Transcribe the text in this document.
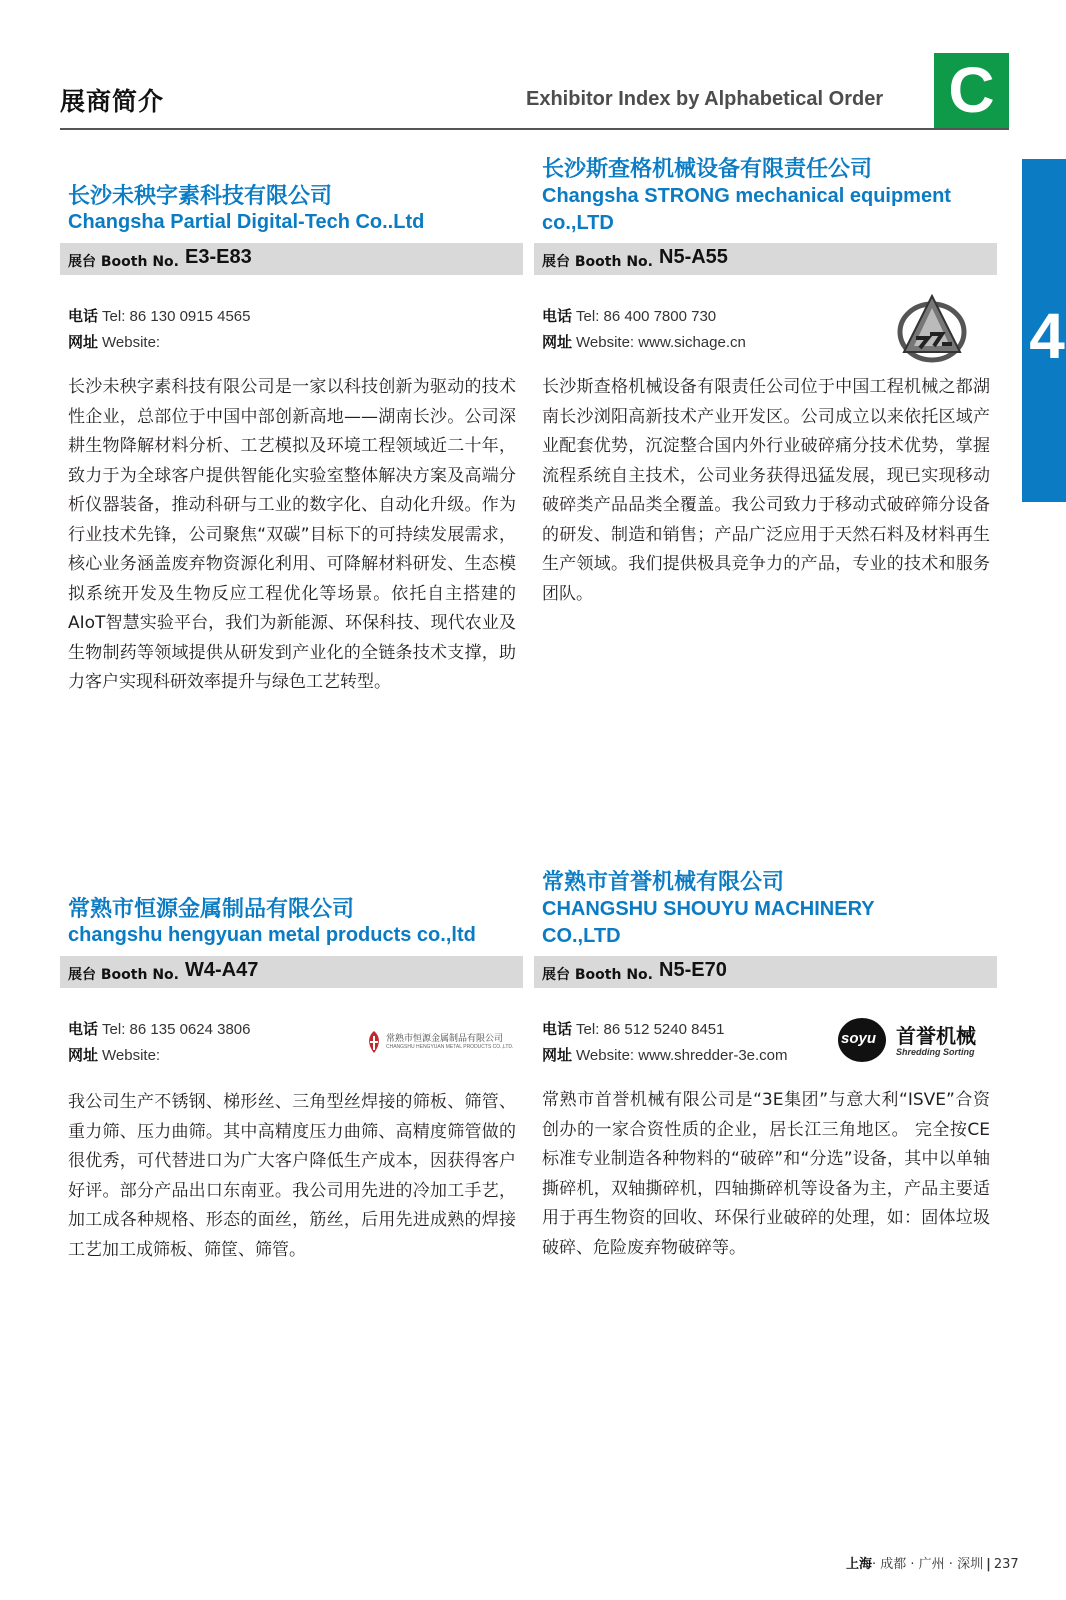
展商简介	Exhibitor Index by Alphabetical Order C
4
长沙未秧字素科技有限公司
Changsha Partial Digital-Tech Co..Ltd
展台 Booth No. E3-E83
电话 Tel: 86 130 0915 4565
网址 Website:
长沙未秧字素科技有限公司是一家以科技创新为驱动的技术性企业，总部位于中国中部创新高地——湖南长沙。公司深耕生物降解材料分析、工艺模拟及环境工程领域近二十年，致力于为全球客户提供智能化实验室整体解决方案及高端分析仪器装备，推动科研与工业的数字化、自动化升级。作为行业技术先锋，公司聚焦“双碳”目标下的可持续发展需求，核心业务涵盖废弃物资源化利用、可降解材料研发、生态模拟系统开发及生物反应工程优化等场景。依托自主搭建的AIoT智慧实验平台，我们为新能源、环保科技、现代农业及生物制药等领域提供从研发到产业化的全链条技术支撑，助力客户实现科研效率提升与绿色工艺转型。
长沙斯查格机械设备有限责任公司
Changsha STRONG mechanical equipment co.,LTD
展台 Booth No. N5-A55
电话 Tel: 86 400 7800 730
网址 Website: www.sichage.cn
长沙斯查格机械设备有限责任公司位于中国工程机械之都湖南长沙浏阳高新技术产业开发区。公司成立以来依托区域产业配套优势，沉淀整合国内外行业破碎痛分技术优势，掌握流程系统自主技术，公司业务获得迅猛发展，现已实现移动破碎类产品品类全覆盖。我公司致力于移动式破碎筛分设备的研发、制造和销售；产品广泛应用于天然石料及材料再生生产领域。我们提供极具竞争力的产品，专业的技术和服务团队。
常熟市恒源金属制品有限公司
changshu hengyuan metal products co.,ltd
展台 Booth No. W4-A47
电话 Tel: 86 135 0624 3806
网址 Website:
常熟市恒源金属制品有限公司
CHANGSHU HENGYUAN METAL PRODUCTS CO.,LTD.
我公司生产不锈钢、梯形丝、三角型丝焊接的筛板、筛管、重力筛、压力曲筛。其中高精度压力曲筛、高精度筛管做的很优秀，可代替进口为广大客户降低生产成本，因获得客户好评。部分产品出口东南亚。我公司用先进的冷加工手艺，加工成各种规格、形态的面丝，筋丝，后用先进成熟的焊接工艺加工成筛板、筛筐、筛管。
常熟市首誉机械有限公司
CHANGSHU SHOUYU MACHINERY CO.,LTD
展台 Booth No. N5-E70
电话 Tel: 86 512 5240 8451
网址 Website: www.shredder-3e.com
soyu 首誉机械
Shredding Sorting
常熟市首誉机械有限公司是“3E集团”与意大利“ISVE”合资创办的一家合资性质的企业，居长江三角地区。 完全按CE标准专业制造各种物料的“破碎”和“分选”设备，其中以单轴撕碎机，双轴撕碎机，四轴撕碎机等设备为主，产品主要适用于再生物资的回收、环保行业破碎的处理，如：固体垃圾破碎、危险废弃物破碎等。
上海· 成都 · 广州 · 深圳 | 237
